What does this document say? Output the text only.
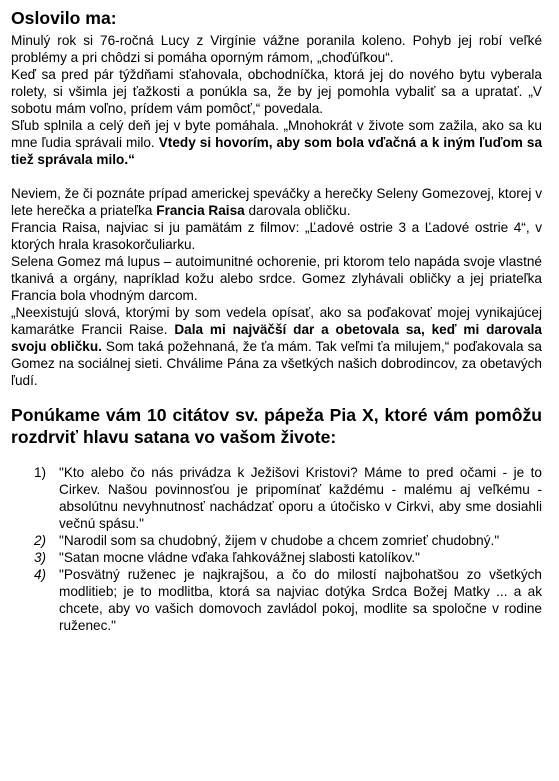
Oslovilo ma:

Minulý rok si 76-ročná Lucy z Virgínie vážne poranila koleno. Pohyb jej robí veľké problémy a pri chôdzi si pomáha oporným rámom, „choďúľkou“.

Keď sa pred pár týždňami sťahovala, obchodníčka, ktorá jej do nového bytu vyberala rolety, si všimla jej ťažkosti a ponúkla sa, že by jej pomohla vybaliť sa a upratať. „V sobotu mám voľno, prídem vám pomôcť,“ povedala.

Sľub splnila a celý deň jej v byte pomáhala. „Mnohokrát v živote som zažila, ako sa ku mne ľudia správali milo. Vtedy si hovorím, aby som bola vďačná a k iným ľuďom sa tiež správala milo.“

Neviem, že či poznáte prípad americkej speváčky a herečky Seleny Gomezovej, ktorej v lete herečka a priateľka Francia Raisa darovala obličku.

Francia Raisa, najviac si ju pamätám z filmov: „Ľadové ostrie 3 a Ľadové ostrie 4“, v ktorých hrala krasokorčuliarku.

Selena Gomez má lupus – autoimunitné ochorenie, pri ktorom telo napáda svoje vlastné tkanivá a orgány, napríklad kožu alebo srdce. Gomez zlyhávali obličky a jej priateľka Francia bola vhodným darcom.

„Neexistujú slová, ktorými by som vedela opísať, ako sa poďakovať mojej vynikajúcej kamarátke Francii Raise. Dala mi najväčší dar a obetovala sa, keď mi darovala svoju obličku. Som taká požehnaná, že ťa mám. Tak veľmi ťa milujem,“ poďakovala sa Gomez na sociálnej sieti. Chválime Pána za všetkých našich dobrodincov, za obetavých ľudí.

Ponúkame vám 10 citátov sv. pápeža Pia X, ktoré vám pomôžu rozdrviť hlavu satana vo vašom živote:
1) "Kto alebo čo nás privádza k Ježišovi Kristovi? Máme to pred očami - je to Cirkev. Našou povinnosťou je pripomínať každému - malému aj veľkému - absolútnu nevyhnutnosť nachádzať oporu a útočisko v Cirkvi, aby sme dosiahli večnú spásu."
2) "Narodil som sa chudobný, žijem v chudobe a chcem zomrieť chudobný."
3) "Satan mocne vládne vďaka ľahkovážnej slabosti katolíkov."
4) "Posvätný ruženec je najkrajšou, a čo do milostí najbohatšou zo všetkých modlitieb; je to modlitba, ktorá sa najviac dotýka Srdca Božej Matky ... a ak chcete, aby vo vašich domovoch zavládol pokoj, modlite sa spoločne v rodine ruženec."
